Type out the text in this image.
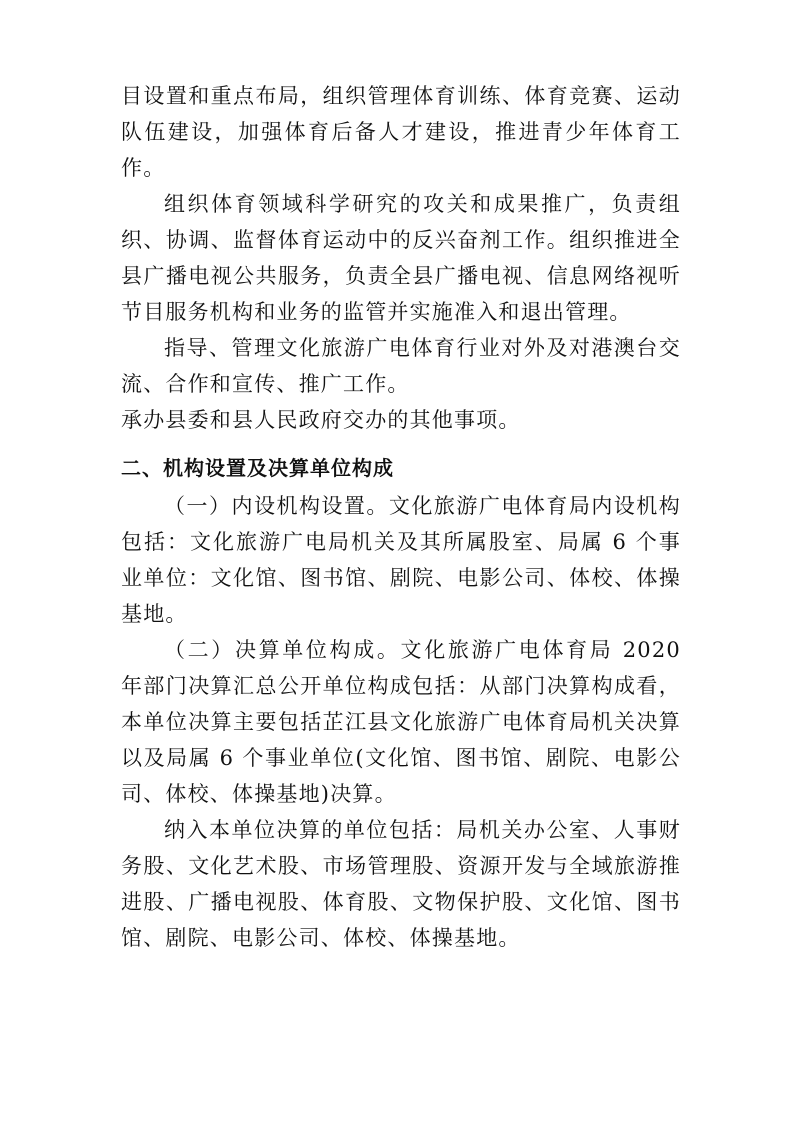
目设置和重点布局，组织管理体育训练、体育竞赛、运动队伍建设，加强体育后备人才建设，推进青少年体育工作。

组织体育领域科学研究的攻关和成果推广，负责组织、协调、监督体育运动中的反兴奋剂工作。组织推进全县广播电视公共服务，负责全县广播电视、信息网络视听节目服务机构和业务的监管并实施准入和退出管理。

指导、管理文化旅游广电体育行业对外及对港澳台交流、合作和宣传、推广工作。

承办县委和县人民政府交办的其他事项。

二、机构设置及决算单位构成

（一）内设机构设置。文化旅游广电体育局内设机构包括：文化旅游广电局机关及其所属股室、局属 6 个事业单位：文化馆、图书馆、剧院、电影公司、体校、体操基地。

（二）决算单位构成。文化旅游广电体育局 2020 年部门决算汇总公开单位构成包括：从部门决算构成看，本单位决算主要包括芷江县文化旅游广电体育局机关决算以及局属 6 个事业单位(文化馆、图书馆、剧院、电影公司、体校、体操基地)决算。

纳入本单位决算的单位包括：局机关办公室、人事财务股、文化艺术股、市场管理股、资源开发与全域旅游推进股、广播电视股、体育股、文物保护股、文化馆、图书馆、剧院、电影公司、体校、体操基地。
